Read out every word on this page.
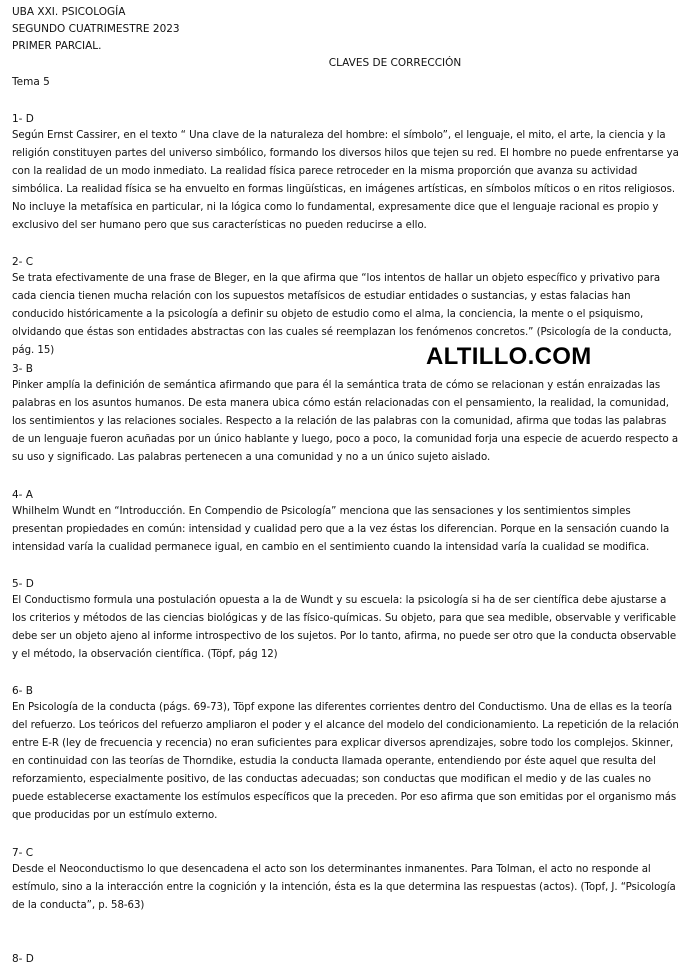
UBA XXI. PSICOLOGÍA
SEGUNDO CUATRIMESTRE 2023
PRIMER PARCIAL.
CLAVES DE CORRECCIÓN
Tema 5
1- D
Según Ernst Cassirer, en el texto “ Una clave de la naturaleza del hombre: el símbolo”, el lenguaje, el mito, el arte, la ciencia y la religión constituyen partes del universo simbólico, formando los diversos hilos que tejen su red. El hombre no puede enfrentarse ya con la realidad de un modo inmediato. La realidad física parece retroceder en la misma proporción que avanza su actividad simbólica. La realidad física se ha envuelto en formas lingüísticas, en imágenes artísticas, en símbolos míticos o en ritos religiosos. No incluye la metafísica en particular, ni la lógica como lo fundamental, expresamente dice que el lenguaje racional es propio y exclusivo del ser humano pero que sus características no pueden reducirse a ello.
2- C
Se trata efectivamente de una frase de Bleger, en la que afirma que “los intentos de hallar un objeto específico y privativo para cada ciencia tienen mucha relación con los supuestos metafísicos de estudiar entidades o sustancias, y estas falacias han conducido históricamente a la psicología a definir su objeto de estudio como el alma, la conciencia, la mente o el psiquismo, olvidando que éstas son entidades abstractas con las cuales sé reemplazan los fenómenos concretos.” (Psicología de la conducta, pág. 15)
3- B
Pinker amplía la definición de semántica afirmando que para él la semántica trata de cómo se relacionan y están enraizadas las palabras en los asuntos humanos. De esta manera ubica cómo están relacionadas con el pensamiento, la realidad, la comunidad, los sentimientos y las relaciones sociales. Respecto a la relación de las palabras con la comunidad, afirma que todas las palabras de un lenguaje fueron acuñadas por un único hablante y luego, poco a poco, la comunidad forja una especie de acuerdo respecto a su uso y significado. Las palabras pertenecen a una comunidad y no a un único sujeto aislado.
4- A
Whilhelm Wundt en “Introducción. En Compendio de Psicología” menciona que las sensaciones y los sentimientos simples presentan propiedades en común: intensidad y cualidad pero que a la vez éstas los diferencian. Porque en la sensación cuando la intensidad varía la cualidad permanece igual, en cambio en el sentimiento cuando la intensidad varía la cualidad se modifica.
5- D
El Conductismo formula una postulación opuesta a la de Wundt y su escuela: la psicología si ha de ser científica debe ajustarse a los criterios y métodos de las ciencias biológicas y de las físico-químicas. Su objeto, para que sea medible, observable y verificable debe ser un objeto ajeno al informe introspectivo de los sujetos. Por lo tanto, afirma, no puede ser otro que la conducta observable y el método, la observación científica. (Töpf, pág 12)
6- B
En Psicología de la conducta (págs. 69-73), Töpf expone las diferentes corrientes dentro del Conductismo. Una de ellas es la teoría del refuerzo. Los teóricos del refuerzo ampliaron el poder y el alcance del modelo del condicionamiento. La repetición de la relación entre E-R (ley de frecuencia y recencia) no eran suficientes para explicar diversos aprendizajes, sobre todo los complejos. Skinner, en continuidad con las teorías de Thorndike, estudia la conducta llamada operante, entendiendo por éste aquel que resulta del reforzamiento, especialmente positivo, de las conductas adecuadas; son conductas que modifican el medio y de las cuales no puede establecerse exactamente los estímulos específicos que la preceden. Por eso afirma que son emitidas por el organismo más que producidas por un estímulo externo.
7- C
Desde el Neoconductismo lo que desencadena el acto son los determinantes inmanentes. Para Tolman, el acto no responde al estímulo, sino a la interacción entre la cognición y la intención, ésta es la que determina las respuestas (actos). (Topf, J. “Psicología de la conducta”, p. 58-63)
8- D
ALTILLO.COM
